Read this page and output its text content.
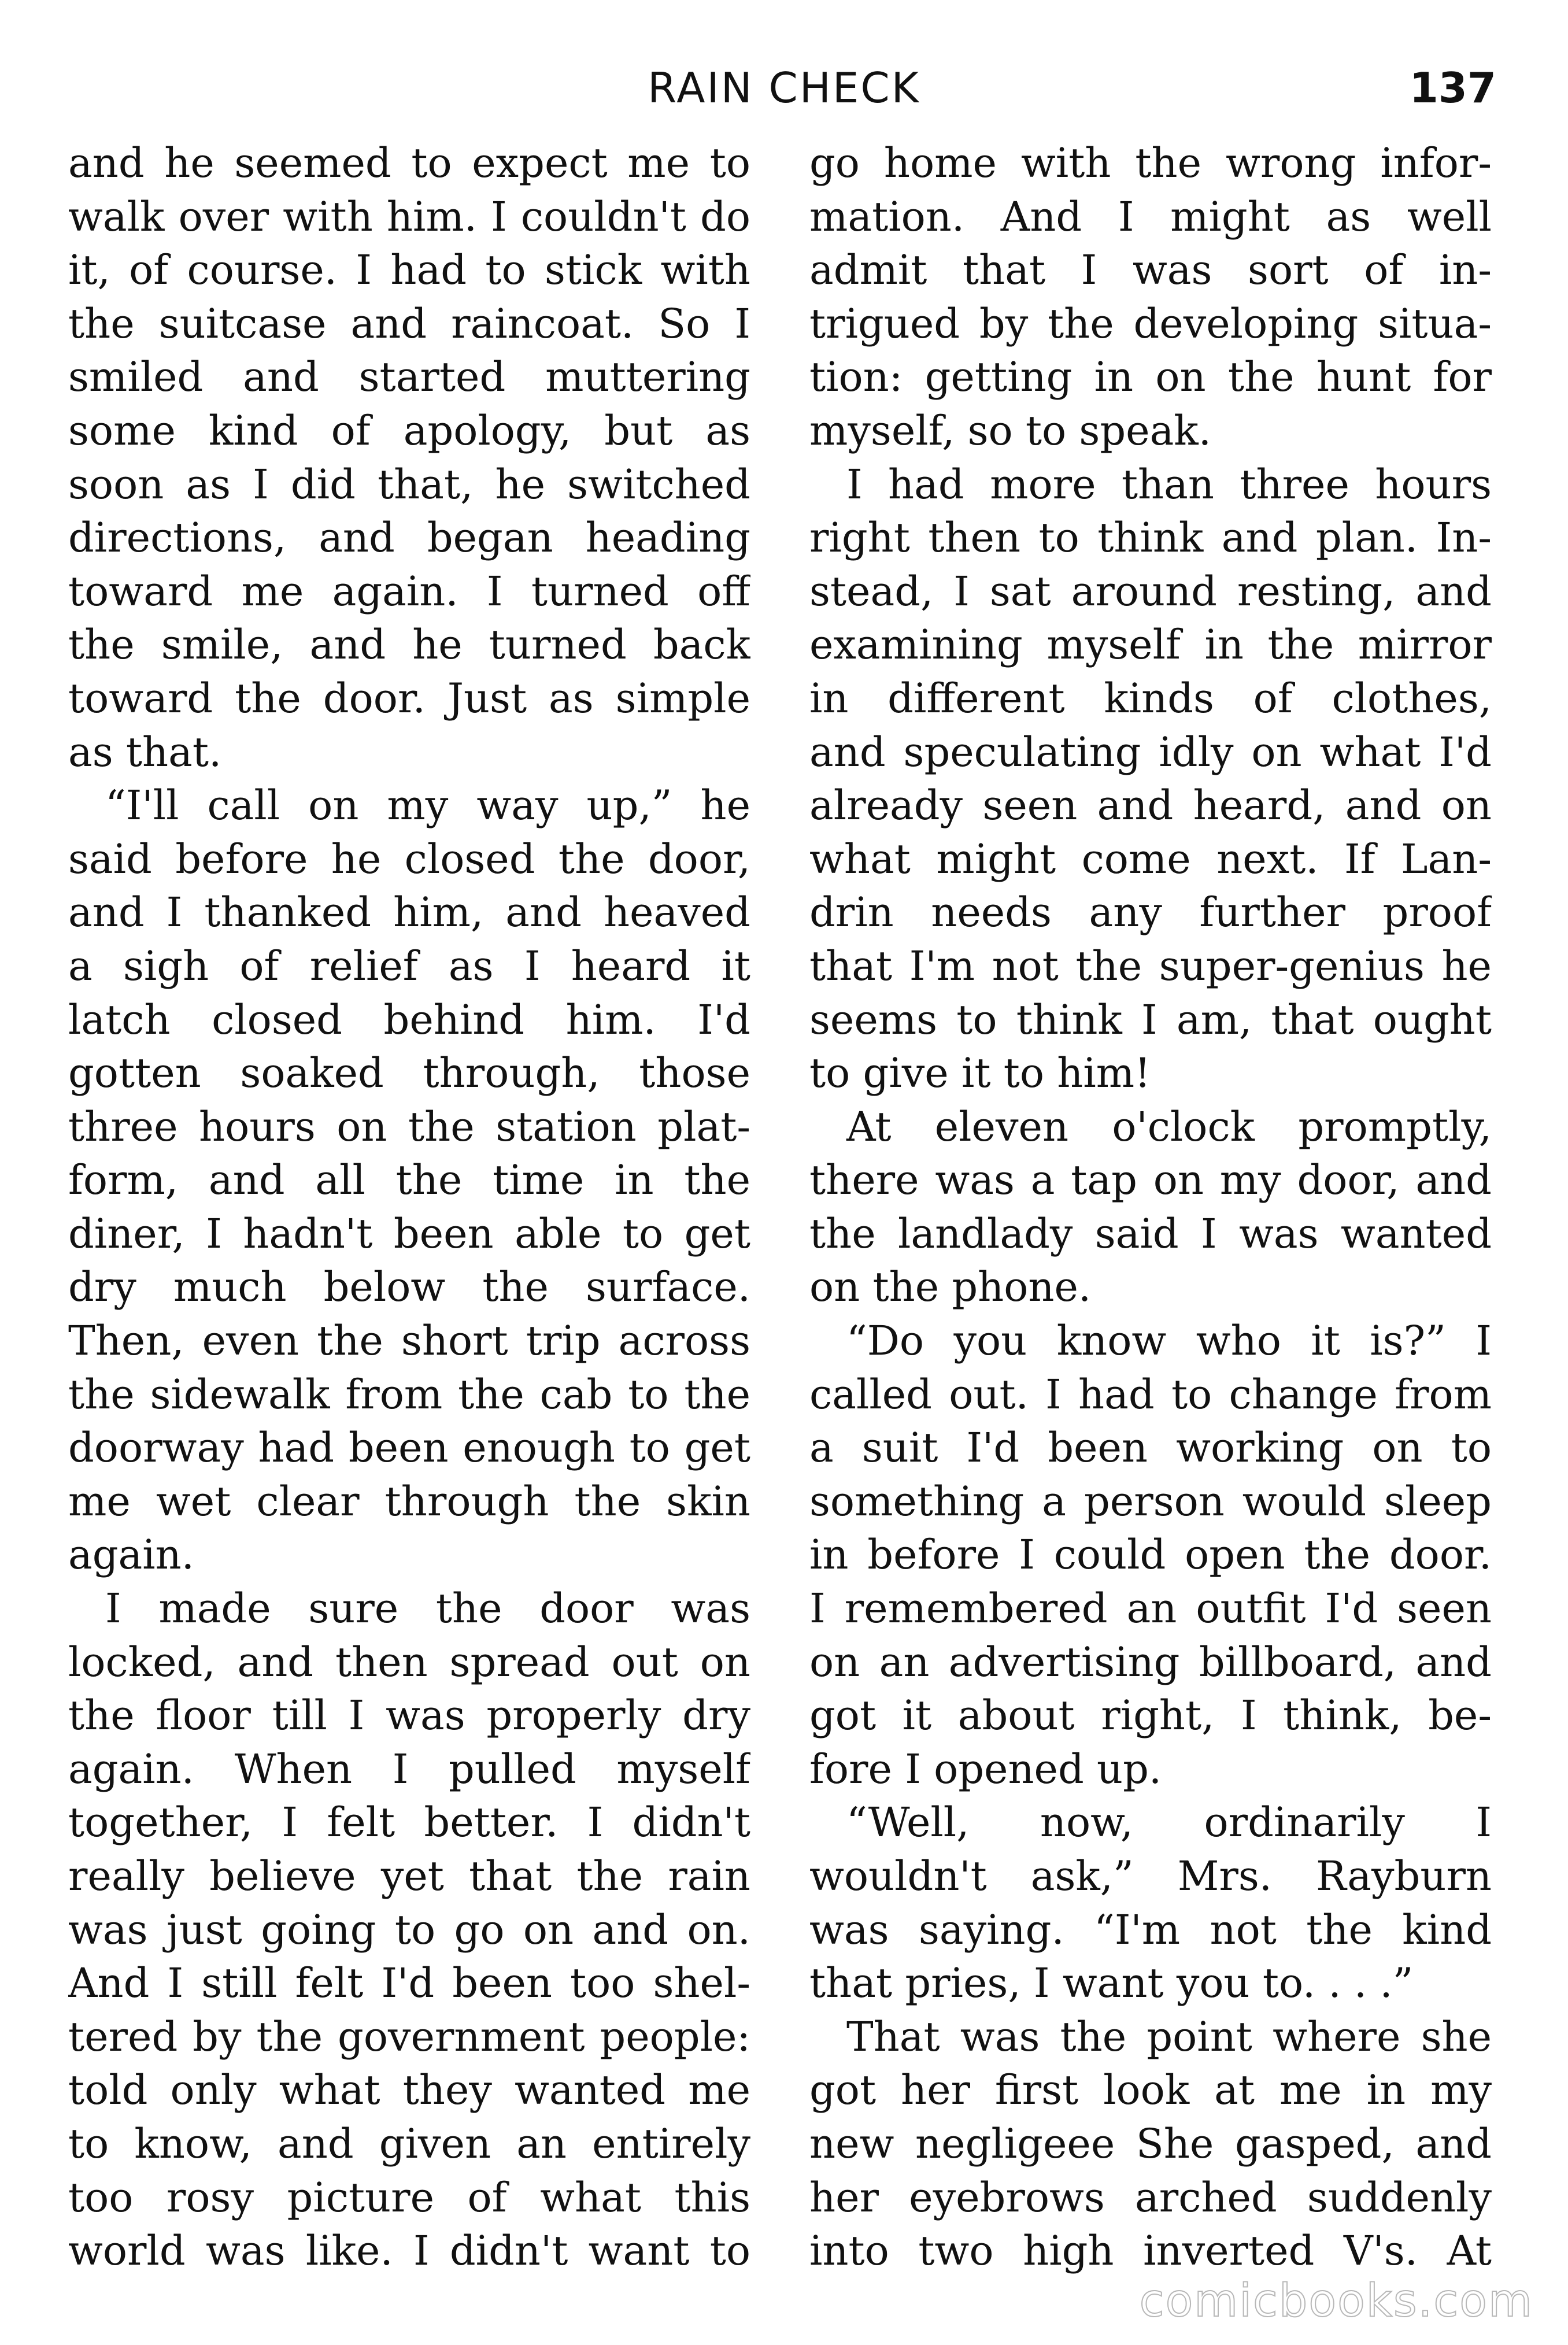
RAIN CHECK	137
and he seemed to expect me to
walk over with him. I couldn't do
it, of course. I had to stick with
the suitcase and raincoat. So I
smiled and started muttering
some kind of apology, but as
soon as I did that, he switched
directions, and began heading
toward me again. I turned off
the smile, and he turned back
toward the door. Just as simple
as that.
“I'll call on my way up,” he
said before he closed the door,
and I thanked him, and heaved
a sigh of relief as I heard it
latch closed behind him. I'd
gotten soaked through, those
three hours on the station plat-
form, and all the time in the
diner, I hadn't been able to get
dry much below the surface.
Then, even the short trip across
the sidewalk from the cab to the
doorway had been enough to get
me wet clear through the skin
again.
I made sure the door was
locked, and then spread out on
the floor till I was properly dry
again. When I pulled myself
together, I felt better. I didn't
really believe yet that the rain
was just going to go on and on.
And I still felt I'd been too shel-
tered by the government people:
told only what they wanted me
to know, and given an entirely
too rosy picture of what this
world was like. I didn't want to
go home with the wrong infor-
mation. And I might as well
admit that I was sort of in-
trigued by the developing situa-
tion: getting in on the hunt for
myself, so to speak.
I had more than three hours
right then to think and plan. In-
stead, I sat around resting, and
examining myself in the mirror
in different kinds of clothes,
and speculating idly on what I'd
already seen and heard, and on
what might come next. If Lan-
drin needs any further proof
that I'm not the super-genius he
seems to think I am, that ought
to give it to him!
At eleven o'clock promptly,
there was a tap on my door, and
the landlady said I was wanted
on the phone.
“Do you know who it is?” I
called out. I had to change from
a suit I'd been working on to
something a person would sleep
in before I could open the door.
I remembered an outfit I'd seen
on an advertising billboard, and
got it about right, I think, be-
fore I opened up.
“Well, now, ordinarily I
wouldn't ask,” Mrs. Rayburn
was saying. “I'm not the kind
that pries, I want you to. . . .”
That was the point where she
got her first look at me in my
new negligeee She gasped, and
her eyebrows arched suddenly
into two high inverted V's. At
comicbooks.com
